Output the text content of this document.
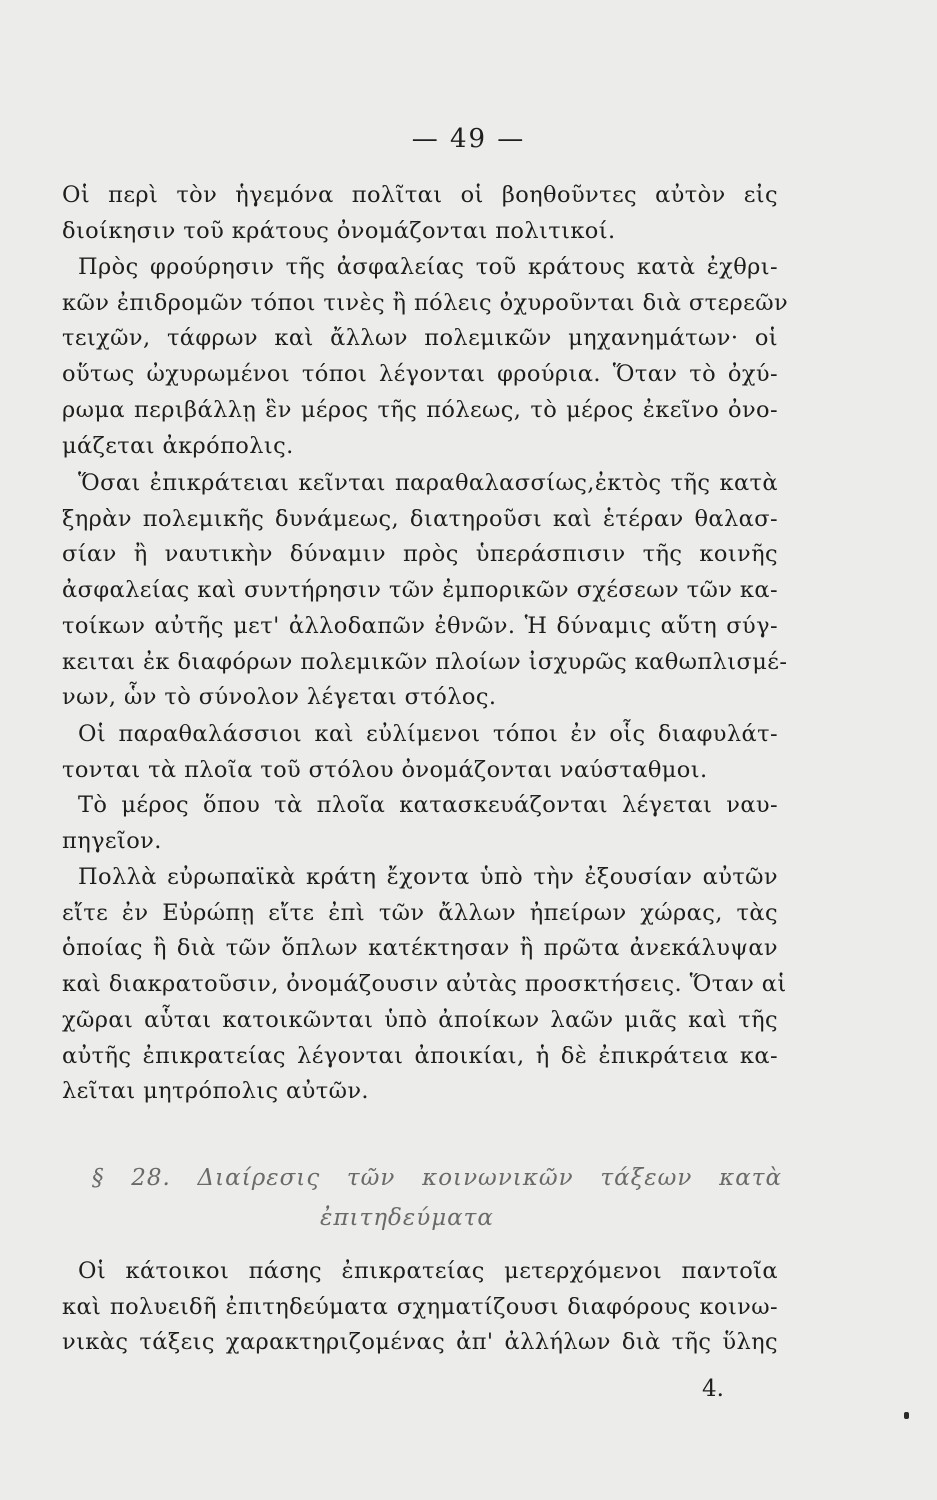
— 49 —
Οἱ περὶ τὸν ἡγεμόνα πολῖται οἱ βοηθοῦντες αὐτὸν εἰς
διοίκησιν τοῦ κράτους ὀνομάζονται πολιτικοί.
Πρὸς φρούρησιν τῆς ἀσφαλείας τοῦ κράτους κατὰ ἐχθρι-
κῶν ἐπιδρομῶν τόποι τινὲς ἢ πόλεις ὀχυροῦνται διὰ στερεῶν
τειχῶν, τάφρων καὶ ἄλλων πολεμικῶν μηχανημάτων· οἱ
οὕτως ὠχυρωμένοι τόποι λέγονται φρούρια. Ὅταν τὸ ὀχύ-
ρωμα περιβάλλῃ ἓν μέρος τῆς πόλεως, τὸ μέρος ἐκεῖνο ὀνο-
μάζεται ἀκρόπολις.
Ὅσαι ἐπικράτειαι κεῖνται παραθαλασσίως,ἐκτὸς τῆς κατὰ
ξηρὰν πολεμικῆς δυνάμεως, διατηροῦσι καὶ ἑτέραν θαλασ-
σίαν ἢ ναυτικὴν δύναμιν πρὸς ὑπεράσπισιν τῆς κοινῆς
ἀσφαλείας καὶ συντήρησιν τῶν ἐμπορικῶν σχέσεων τῶν κα-
τοίκων αὐτῆς μετ' ἀλλοδαπῶν ἐθνῶν. Ἡ δύναμις αὕτη σύγ-
κειται ἐκ διαφόρων πολεμικῶν πλοίων ἰσχυρῶς καθωπλισμέ-
νων, ὧν τὸ σύνολον λέγεται στόλος.
Οἱ παραθαλάσσιοι καὶ εὐλίμενοι τόποι ἐν οἷς διαφυλάτ-
τονται τὰ πλοῖα τοῦ στόλου ὀνομάζονται ναύσταθμοι.
Τὸ μέρος ὅπου τὰ πλοῖα κατασκευάζονται λέγεται ναυ-
πηγεῖον.
Πολλὰ εὐρωπαϊκὰ κράτη ἔχοντα ὑπὸ τὴν ἐξουσίαν αὐτῶν
εἴτε ἐν Εὐρώπῃ εἴτε ἐπὶ τῶν ἄλλων ἠπείρων χώρας, τὰς
ὁποίας ἢ διὰ τῶν ὅπλων κατέκτησαν ἢ πρῶτα ἀνεκάλυψαν
καὶ διακρατοῦσιν, ὀνομάζουσιν αὐτὰς προσκτήσεις. Ὅταν αἱ
χῶραι αὗται κατοικῶνται ὑπὸ ἀποίκων λαῶν μιᾶς καὶ τῆς
αὐτῆς ἐπικρατείας λέγονται ἀποικίαι, ἡ δὲ ἐπικράτεια κα-
λεῖται μητρόπολις αὐτῶν.
§ 28. Διαίρεσις τῶν κοινωνικῶν τάξεων κατὰ
ἐπιτηδεύματα
Οἱ κάτοικοι πάσης ἐπικρατείας μετερχόμενοι παντοῖα
καὶ πολυειδῆ ἐπιτηδεύματα σχηματίζουσι διαφόρους κοινω-
νικὰς τάξεις χαρακτηριζομένας ἀπ' ἀλλήλων διὰ τῆς ὕλης
4.
